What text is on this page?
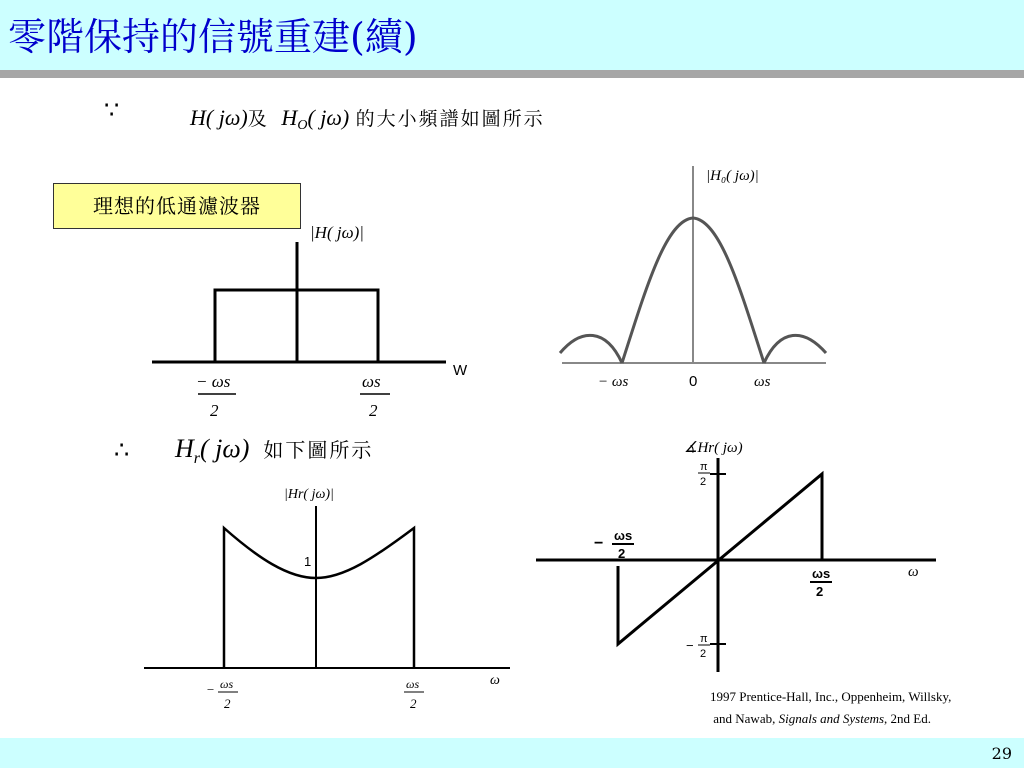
零階保持的信號重建(續)
∵	H( jω)及 $H_O$( jω) 的大小頻譜如圖所示
理想的低通濾波器
|H( jω)|
W
− ωs
2
ωs
2
|H₀( jω)|
− ωs	0	ωs
∴ $H_r$( jω) 如下圖所示
|Hr( jω)|
1
ω
− ωs
2
ωs
2
∡Hr( jω)
ω
π
2
− π
2
− ωs
2
ωs
2
1997 Prentice-Hall, Inc., Oppenheim, Willsky,
and Nawab, Signals and Systems, 2nd Ed.
29
